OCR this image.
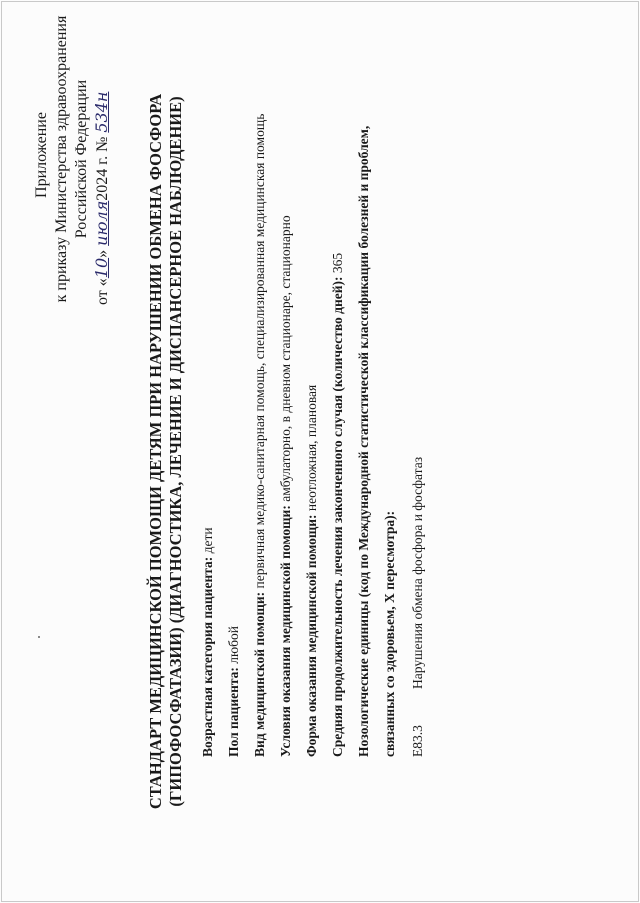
Приложение к приказу Министерства здравоохранения Российской Федерации
от «10» июля2024 г. № 534н СТАНДАРТ МЕДИЦИНСКОЙ ПОМОЩИ ДЕТЯМ ПРИ НАРУШЕНИИ ОБМЕНА ФОСФОРА (ГИПОФОСФАТАЗИИ) (ДИАГНОСТИКА, ЛЕЧЕНИЕ И ДИСПАНСЕРНОЕ НАБЛЮДЕНИЕ) Возрастная категория пациента: дети
Пол пациента: любой Вид медицинской помощи: первичная медико-санитарная помощь, специализированная медицинская помощь
Условия оказания медицинской помощи: амбулаторно, в дневном стационаре, стационарно
Форма оказания медицинской помощи: неотложная, плановая Средняя продолжительность лечения законченного случая (количество дней): 365 Нозологические единицы (код по Международной статистической классификации болезней и проблем, связанных со здоровьем, X пересмотра): E83.3
Нарушения обмена фосфора и фосфатаз
